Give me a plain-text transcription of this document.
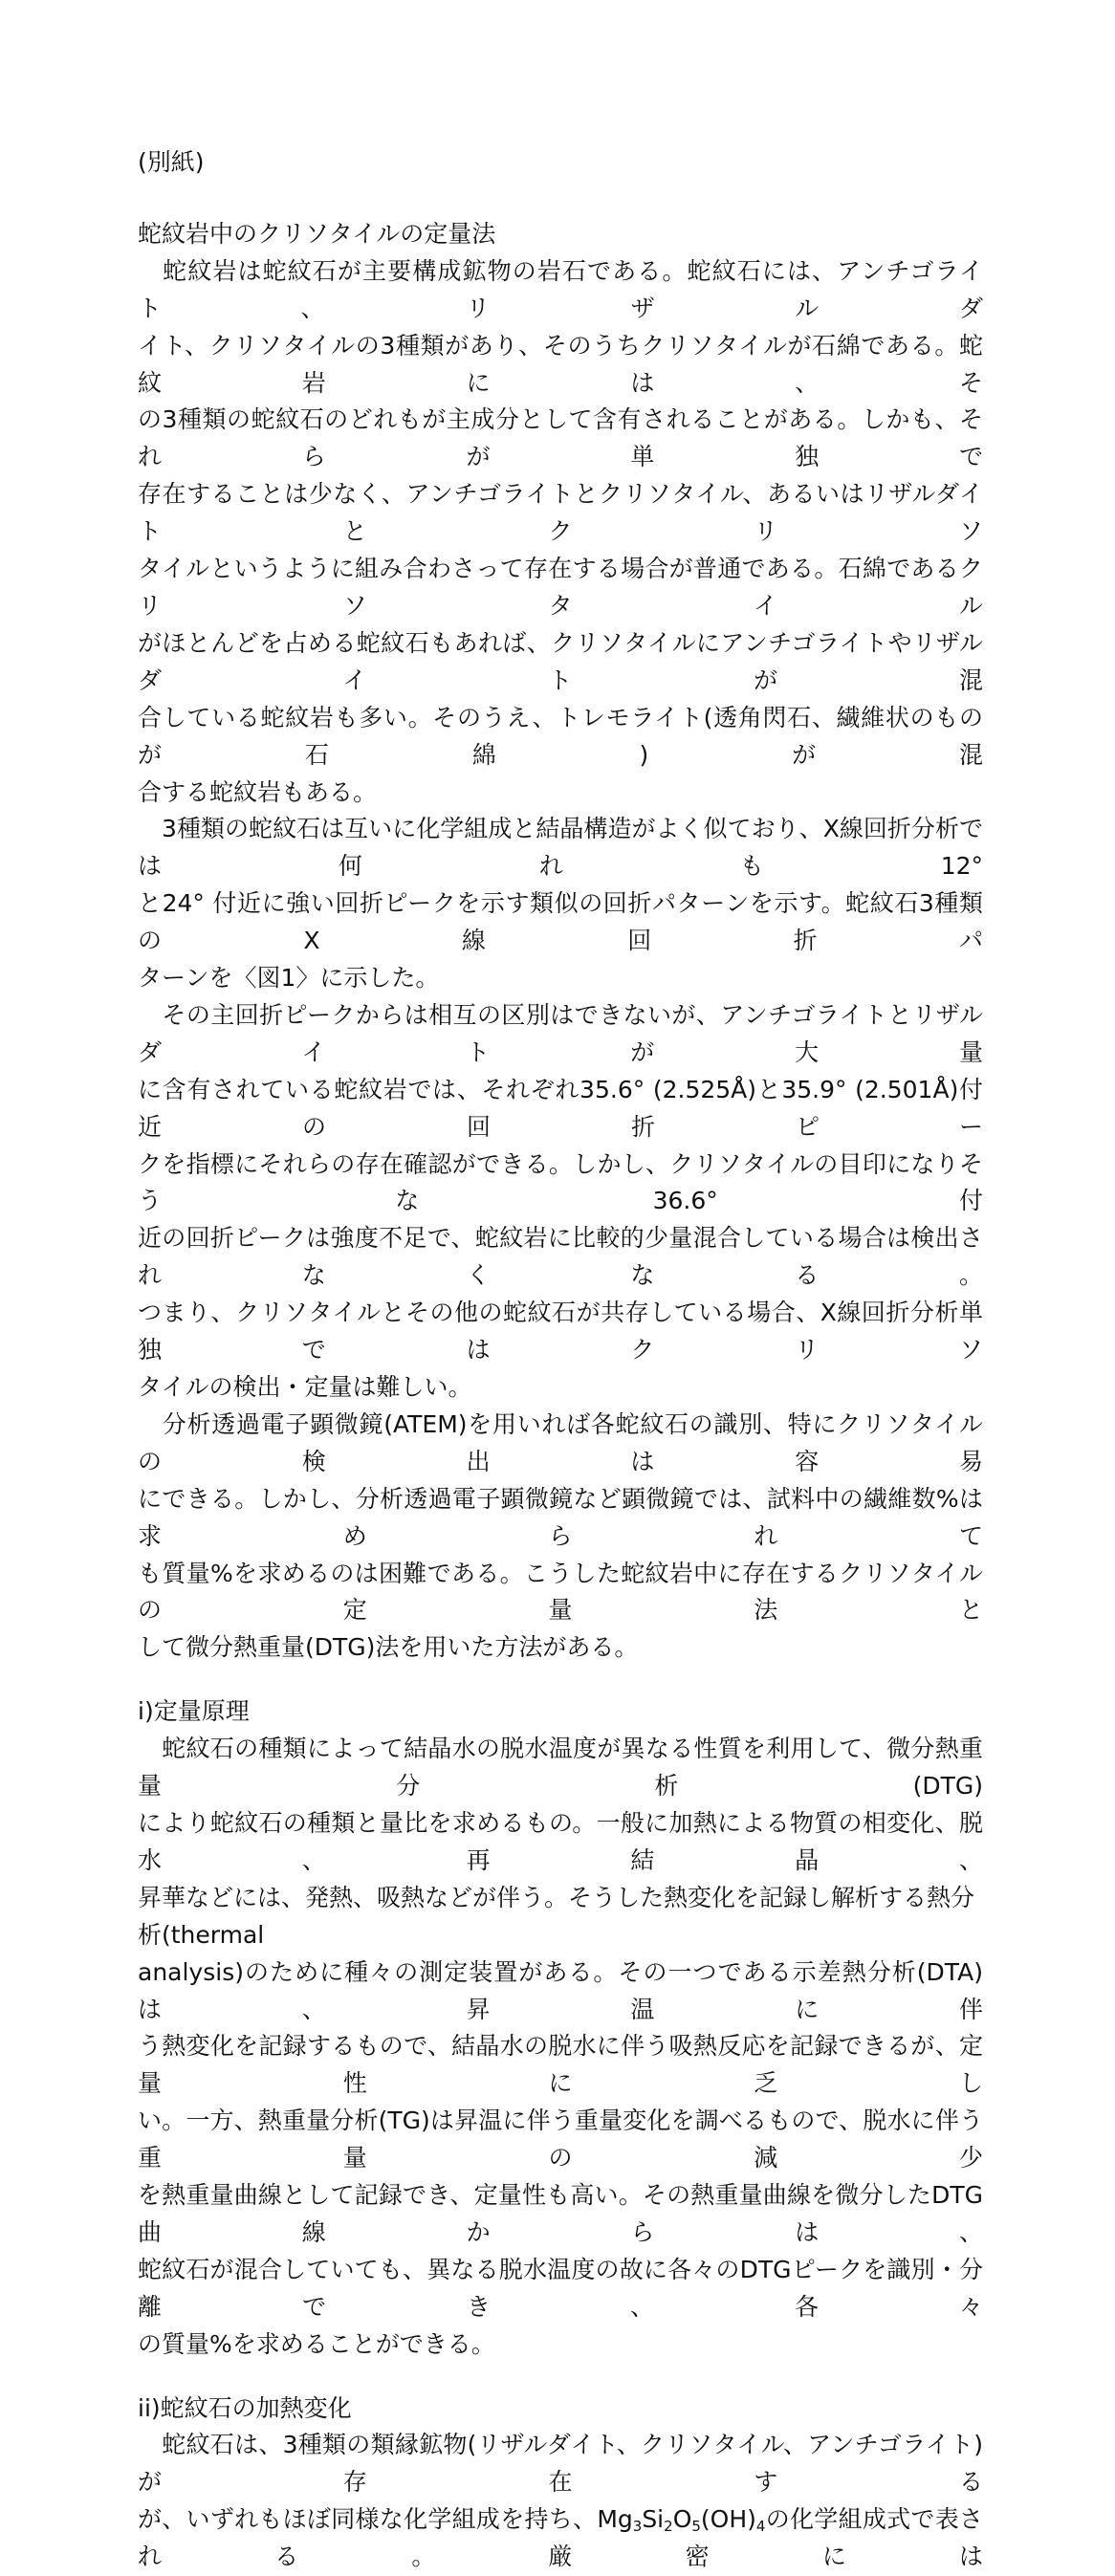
(別紙)
蛇紋岩中のクリソタイルの定量法
　蛇紋岩は蛇紋石が主要構成鉱物の岩石である。蛇紋石には、アンチゴライト、リザルダ
イト、クリソタイルの3種類があり、そのうちクリソタイルが石綿である。蛇紋岩には、そ
の3種類の蛇紋石のどれもが主成分として含有されることがある。しかも、それらが単独で
存在することは少なく、アンチゴライトとクリソタイル、あるいはリザルダイトとクリソ
タイルというように組み合わさって存在する場合が普通である。石綿であるクリソタイル
がほとんどを占める蛇紋石もあれば、クリソタイルにアンチゴライトやリザルダイトが混
合している蛇紋岩も多い。そのうえ、トレモライト(透角閃石、繊維状のものが石綿)が混
合する蛇紋岩もある。
　3種類の蛇紋石は互いに化学組成と結晶構造がよく似ており、X線回折分析では何れも12°
と24° 付近に強い回折ピークを示す類似の回折パターンを示す。蛇紋石3種類のX線回折パ
ターンを〈図1〉に示した。
　その主回折ピークからは相互の区別はできないが、アンチゴライトとリザルダイトが大量
に含有されている蛇紋岩では、それぞれ35.6° (2.525Å)と35.9° (2.501Å)付近の回折ピー
クを指標にそれらの存在確認ができる。しかし、クリソタイルの目印になりそうな36.6° 付
近の回折ピークは強度不足で、蛇紋岩に比較的少量混合している場合は検出されなくなる。
つまり、クリソタイルとその他の蛇紋石が共存している場合、X線回折分析単独ではクリソ
タイルの検出・定量は難しい。
　分析透過電子顕微鏡(ATEM)を用いれば各蛇紋石の識別、特にクリソタイルの検出は容易
にできる。しかし、分析透過電子顕微鏡など顕微鏡では、試料中の繊維数%は求められて
も質量%を求めるのは困難である。こうした蛇紋岩中に存在するクリソタイルの定量法と
して微分熱重量(DTG)法を用いた方法がある。
i)定量原理
　蛇紋石の種類によって結晶水の脱水温度が異なる性質を利用して、微分熱重量分析(DTG)
により蛇紋石の種類と量比を求めるもの。一般に加熱による物質の相変化、脱水、再結晶、
昇華などには、発熱、吸熱などが伴う。そうした熱変化を記録し解析する熱分析(thermal
analysis)のために種々の測定装置がある。その一つである示差熱分析(DTA)は、昇温に伴
う熱変化を記録するもので、結晶水の脱水に伴う吸熱反応を記録できるが、定量性に乏し
い。一方、熱重量分析(TG)は昇温に伴う重量変化を調べるもので、脱水に伴う重量の減少
を熱重量曲線として記録でき、定量性も高い。その熱重量曲線を微分したDTG曲線からは、
蛇紋石が混合していても、異なる脱水温度の故に各々のDTGピークを識別・分離でき、各々
の質量%を求めることができる。
ii)蛇紋石の加熱変化
　蛇紋石は、3種類の類縁鉱物(リザルダイト、クリソタイル、アンチゴライト)が存在する
が、いずれもほぼ同様な化学組成を持ち、$Mg_3Si_2O_5(OH)_4$の化学組成式で表される。厳密には
